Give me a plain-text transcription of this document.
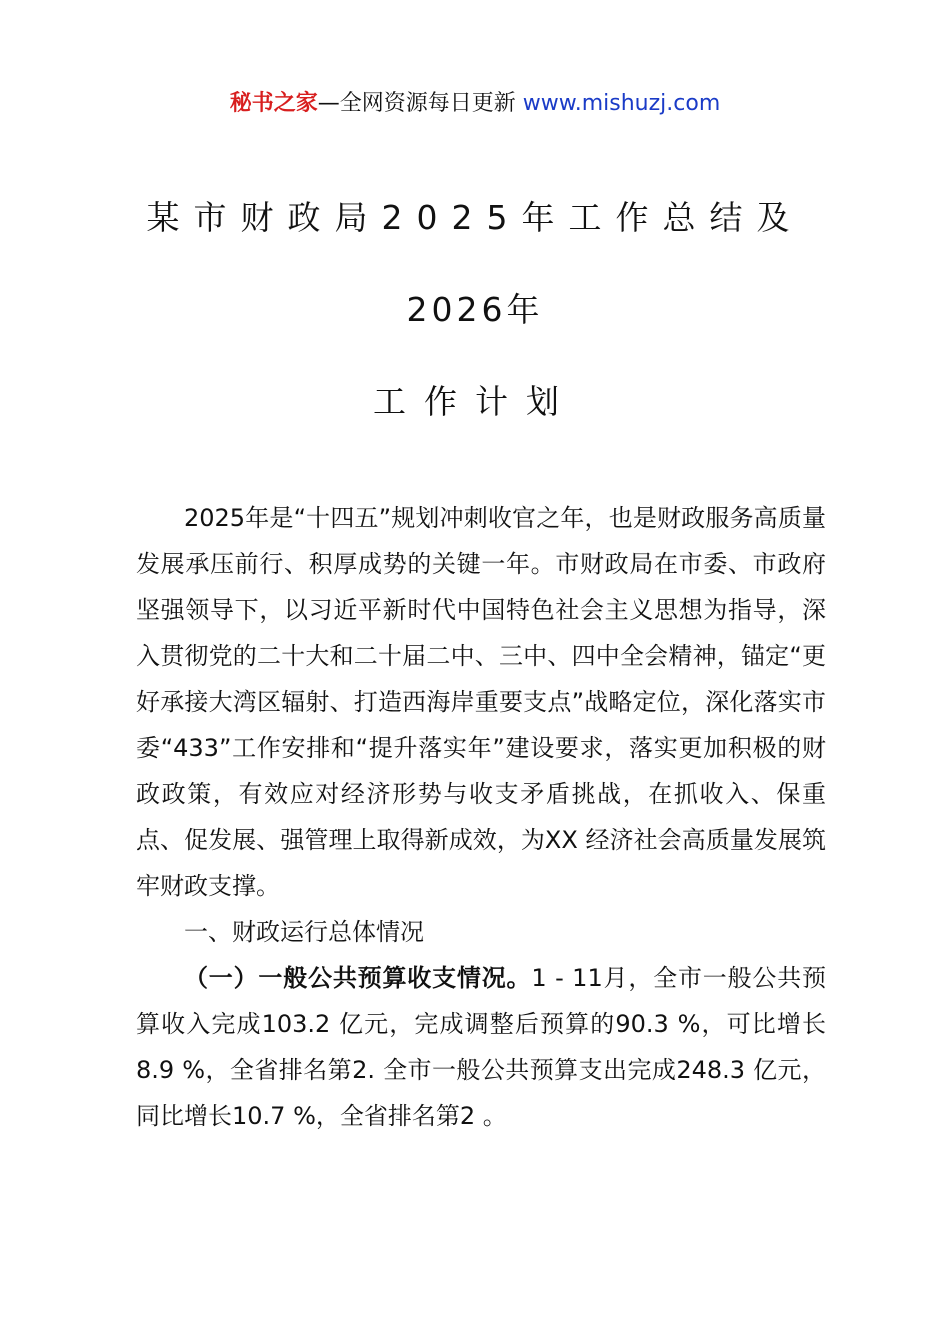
秘书之家—全网资源每日更新 www.mishuzj.com
某市财政局2025年工作总结及
2026年
工作计划

2025年是“十四五”规划冲刺收官之年，也是财政服务高质量发展承压前行、积厚成势的关键一年。市财政局在市委、市政府坚强领导下，以习近平新时代中国特色社会主义思想为指导，深入贯彻党的二十大和二十届二中、三中、四中全会精神，锚定“更好承接大湾区辐射、打造西海岸重要支点”战略定位，深化落实市委“433”工作安排和“提升落实年”建设要求，落实更加积极的财政政策，有效应对经济形势与收支矛盾挑战，在抓收入、保重点、促发展、强管理上取得新成效，为XX 经济社会高质量发展筑牢财政支撑。

一、财政运行总体情况

（一）一般公共预算收支情况。1 - 11月，全市一般公共预算收入完成103.2 亿元，完成调整后预算的90.3 %，可比增长8.9 %，全省排名第2. 全市一般公共预算支出完成248.3 亿元，同比增长10.7 %，全省排名第2 。
